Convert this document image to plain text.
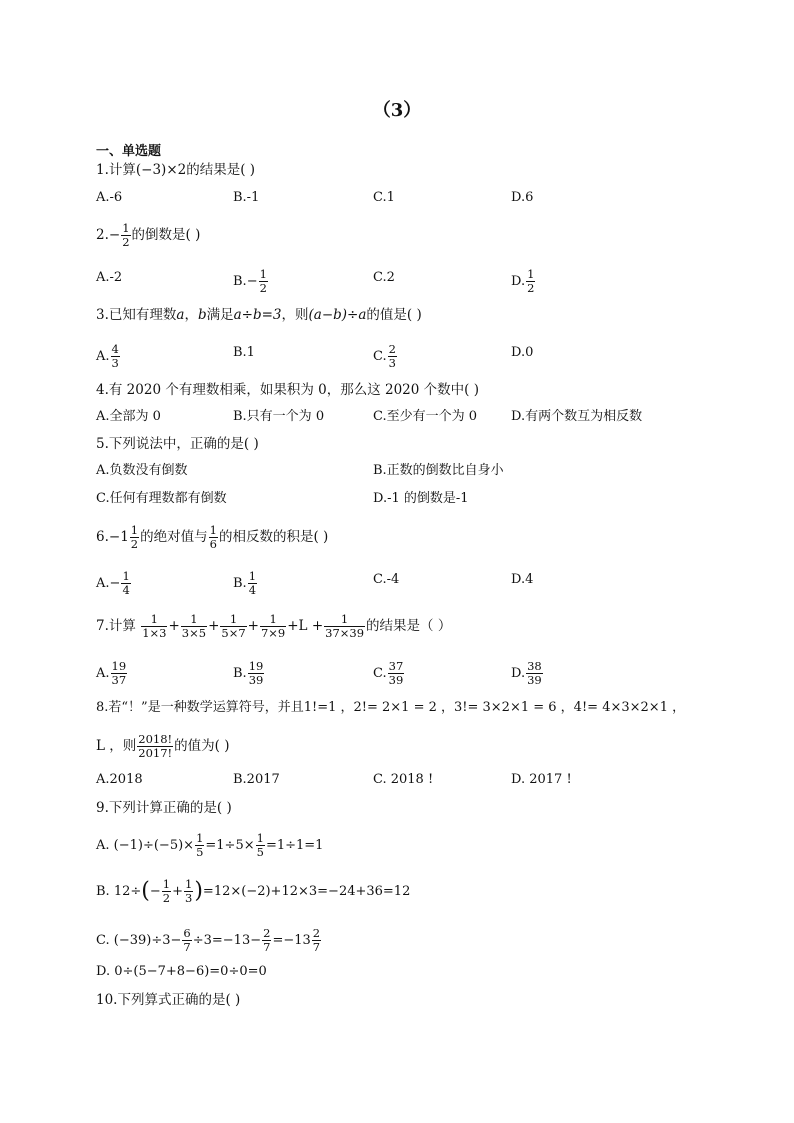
（3）
一、单选题
1.计算(−3)×2的结果是( )
A.-6	B.-1	C.1	D.6
$2.- \frac{1}{2}$ 的倒数是( )
A.-2	$B.- \frac{1}{2}$	C.2	D. $\frac{1}{2}$
3.已知有理数a，b满足a÷b=3，则(a−b)÷a的值是( )
A. $\frac{4}{3}$	B.1	C. $\frac{2}{3}$	D.0
4.有 2020 个有理数相乘，如果积为 0，那么这 2020 个数中( )
A.全部为 0	B.只有一个为 0	C.至少有一个为 0	D.有两个数互为相反数
5.下列说法中，正确的是( )
A.负数没有倒数	B.正数的倒数比自身小
C.任何有理数都有倒数	D.-1 的倒数是-1
$6.-1 \frac{1}{2}$ 的绝对值与 $\frac{1}{6}$ 的相反数的积是( )
$A.- \frac{1}{4}$	B. $\frac{1}{4}$	C.-4	D.4
7.计算 $\frac{1}{1\times 3} + \frac{1}{3\times 5} + \frac{1}{5\times 7} + \frac{1}{7\times 9} +L + \frac{1}{37\times 39}$ 的结果是（ ）
A. $\frac{19}{37}$	B. $\frac{19}{39}$	C. $\frac{37}{39}$	D. $\frac{38}{39}$
8.若“！”是一种数学运算符号，并且1!=1 ，2!= 2×1 = 2 ，3!= 3×2×1 = 6 ，4!= 4×3×2×1 ，
L ，则 $\frac{2018!}{2017!}$ 的值为( )
A.2018	B.2017	C. 2018 !	D. 2017 !
9.下列计算正确的是( )
A. $(-1)\div(-5)\times \frac{1}{5} =1\div 5\times \frac{1}{5} =1\div 1=1$
B. $12\div(- \frac{1}{2} + \frac{1}{3} )=12\times(-2)+12\times 3=-24+36=12$
C. $(-39)\div 3- \frac{6}{7} \div 3=-13- \frac{2}{7} =-13 \frac{2}{7}$
D. 0÷(5−7+8−6)=0÷0=0
10.下列算式正确的是( )
